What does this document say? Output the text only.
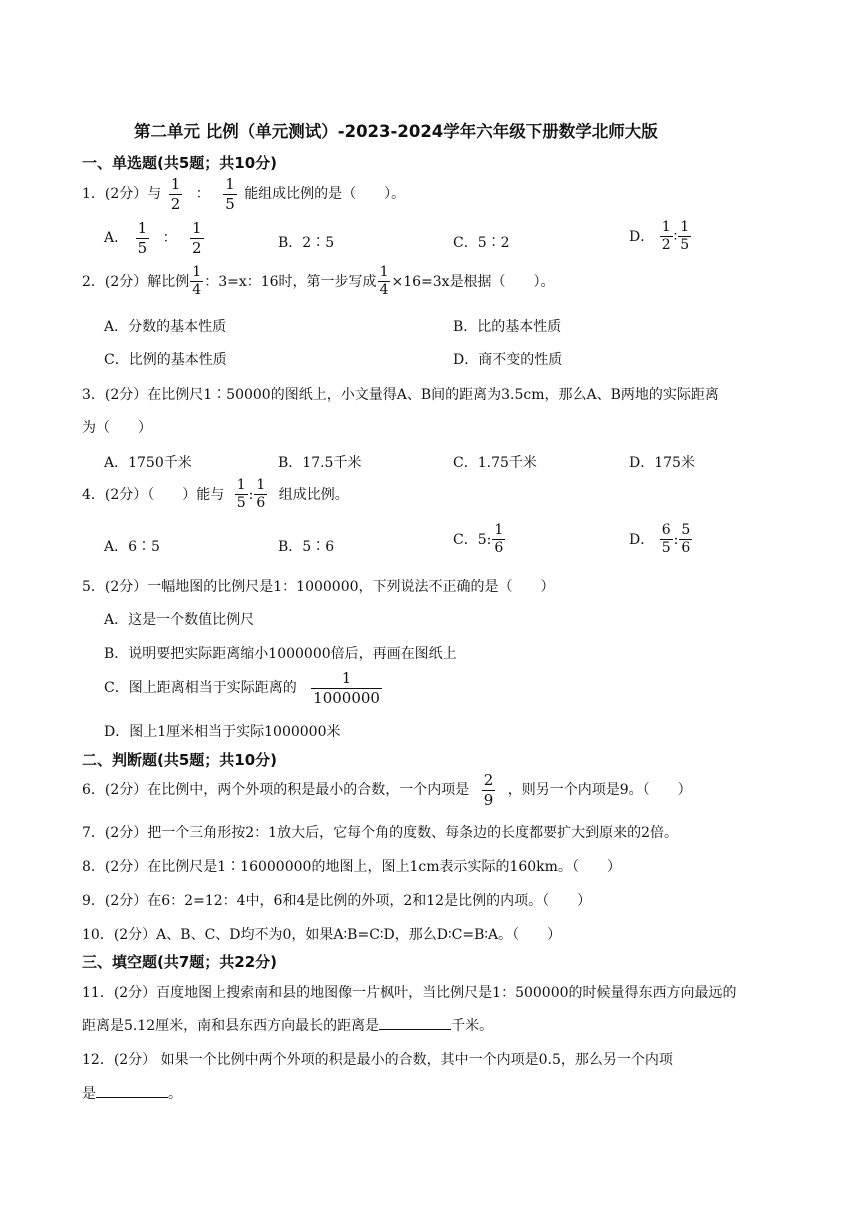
第二单元 比例（单元测试）-2023-2024学年六年级下册数学北师大版
一、单选题(共5题；共10分)
1．(2分）与 $\frac{1}{2}$ ： $\frac{1}{5}$ 能组成比例的是（　　）。
A． $\frac{1}{5}$ ： $\frac{1}{2}$	B．2∶5	C．5∶2	D． $\frac{1}{2}$ ∶ $\frac{1}{5}$
2．(2分）解比例 $\frac{1}{4}$ ：3=x：16时，第一步写成 $\frac{1}{4} \times 16=3x$是根据（　　）。
A．分数的基本性质	B．比的基本性质
C．比例的基本性质	D．商不变的性质
3．(2分）在比例尺1∶50000的图纸上，小文量得A、B间的距离为3.5cm，那么A、B两地的实际距离
为（　　）
A．1750千米	B．17.5千米	C．1.75千米	D．175米
4．(2分）（　　）能与 $\frac{1}{5}$ : $\frac{1}{6}$ 组成比例。
A．6∶5	B．5∶6	C．5: $\frac{1}{6}$	D． $\frac{6}{5}$ : $\frac{5}{6}$
5．(2分）一幅地图的比例尺是1：1000000，下列说法不正确的是（　　）
A．这是一个数值比例尺
B．说明要把实际距离缩小1000000倍后，再画在图纸上
C．图上距离相当于实际距离的 $\frac{1}{1000000}$
D．图上1厘米相当于实际1000000米
二、判断题(共5题；共10分)
6．(2分）在比例中，两个外项的积是最小的合数，一个内项是 $\frac{2}{9}$ ，则另一个内项是9。（　　）
7．(2分）把一个三角形按2：1放大后，它每个角的度数、每条边的长度都要扩大到原来的2倍。
8．(2分）在比例尺是1∶16000000的地图上，图上1cm表示实际的160km。（　　）
9．(2分）在6：2=12：4中，6和4是比例的外项，2和12是比例的内项。（　　）
10．(2分）A、B、C、D均不为0，如果A∶B=C∶D，那么D∶C=B∶A。（　　）
三、填空题(共7题；共22分)
11．(2分）百度地图上搜索南和县的地图像一片枫叶，当比例尺是1：500000的时候量得东西方向最远的
距离是5.12厘米，南和县东西方向最长的距离是	千米。
12．(2分） 如果一个比例中两个外项的积是最小的合数，其中一个内项是0.5，那么另一个内项
是	。
